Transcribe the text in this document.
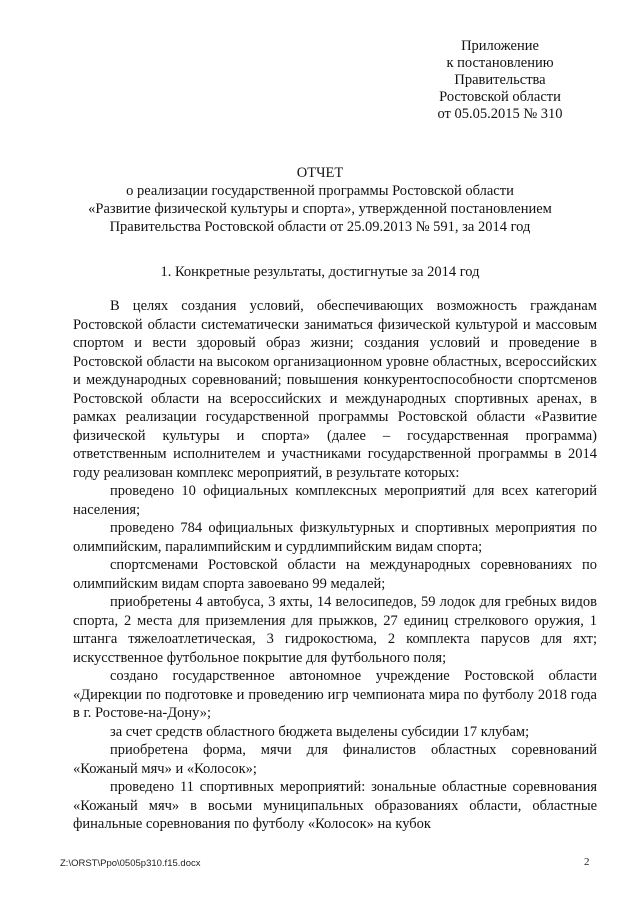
Приложение
к постановлению
Правительства
Ростовской области
от 05.05.2015 № 310
ОТЧЕТ
о реализации государственной программы Ростовской области
«Развитие физической культуры и спорта», утвержденной постановлением
Правительства Ростовской области от 25.09.2013 № 591, за 2014 год
1. Конкретные результаты, достигнутые за 2014 год

В целях создания условий, обеспечивающих возможность гражданам Ростовской области систематически заниматься физической культурой и массовым спортом и вести здоровый образ жизни; создания условий и проведение в Ростовской области на высоком организационном уровне областных, всероссийских и международных соревнований; повышения конкурентоспособности спортсменов Ростовской области на всероссийских и международных спортивных аренах, в рамках реализации государственной программы Ростовской области «Развитие физической культуры и спорта» (далее – государственная программа) ответственным исполнителем и участниками государственной программы в 2014 году реализован комплекс мероприятий, в результате которых:

проведено 10 официальных комплексных мероприятий для всех категорий населения;

проведено 784 официальных физкультурных и спортивных мероприятия по олимпийским, паралимпийским и сурдлимпийским видам спорта;

спортсменами Ростовской области на международных соревнованиях по олимпийским видам спорта завоевано 99 медалей;

приобретены 4 автобуса, 3 яхты, 14 велосипедов, 59 лодок для гребных видов спорта, 2 места для приземления для прыжков, 27 единиц стрелкового оружия, 1 штанга тяжелоатлетическая, 3 гидрокостюма, 2 комплекта парусов для яхт; искусственное футбольное покрытие для футбольного поля;

создано государственное автономное учреждение Ростовской области «Дирекции по подготовке и проведению игр чемпионата мира по футболу 2018 года в г. Ростове-на-Дону»;

за счет средств областного бюджета выделены субсидии 17 клубам;

приобретена форма, мячи для финалистов областных соревнований «Кожаный мяч» и «Колосок»;

проведено 11 спортивных мероприятий: зональные областные соревнования «Кожаный мяч» в восьми муниципальных образованиях области, областные финальные соревнования по футболу «Колосок» на кубок

Z:\ORST\Ppo\0505p310.f15.docx	2
